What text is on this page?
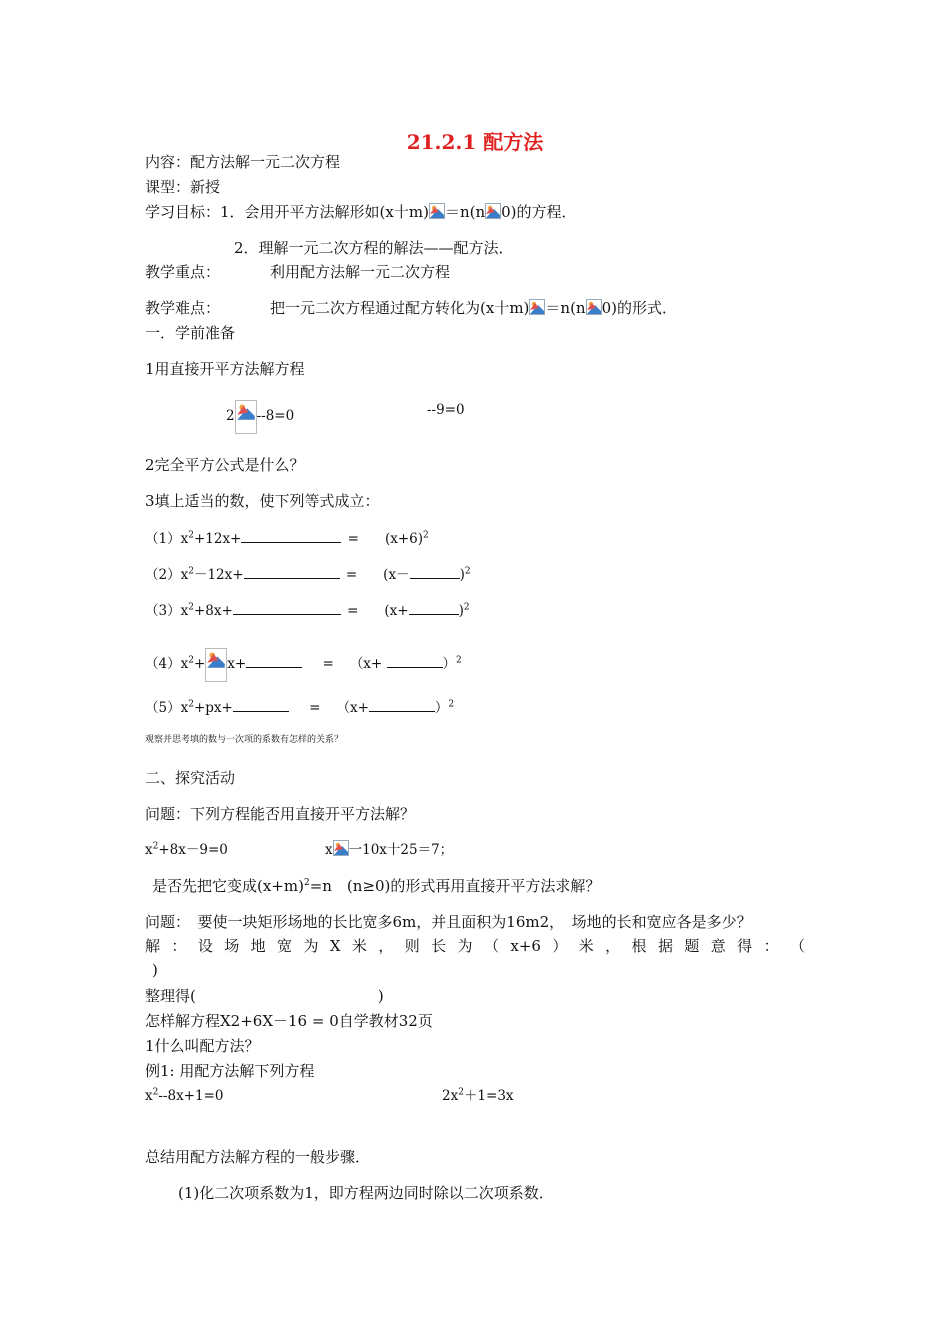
21.2.1 配方法
内容：配方法解一元二次方程
课型：新授
学习目标：1．会用开平方法解形如(x十m) ＝n(n 0)的方程．
2．理解一元二次方程的解法——配方法．
教学重点：	利用配方法解一元二次方程
教学难点：	把一元二次方程通过配方转化为(x十m) ＝n(n 0)的形式．
一．学前准备
1用直接开平方法解方程
2 --8=0	--9=0
2完全平方公式是什么？
3填上适当的数，使下列等式成立：
$(1)x^2+12x+$	= $(x+6)^2$
$(2)x^2-12x+$	= (x－	)$^2$
$(3)x^2+8x+$	= (x+	)$^2$
$(4)x^2+ x+$	= （x+	）$^2$
$(5)x^2+px+$	= （x+	）$^2$
观察并思考填的数与一次项的系数有怎样的关系？
二、探究活动
问题：下列方程能否用直接开平方法解？
$x^2+8x-9=0$	x 一10x十25＝7；
是否先把它变成$(x+m)^2=n$　(n≥0)的形式再用直接开平方法求解？
问题：　要使一块矩形场地的长比宽多6m，并且面积为16m2，　场地的长和宽应各是多少？
解 ： 设 场 地 宽 为 X 米 ， 则 长 为 （ x+6 ） 米 ， 根 据 题 意 得 ： （
)
整理得(	)
怎样解方程X2+6X－16 = 0自学教材32页
1什么叫配方法？
例1: 用配方法解下列方程
$x^2--8x+1=0$	$2x^2+1=3x$
总结用配方法解方程的一般步骤．
(1)化二次项系数为1，即方程两边同时除以二次项系数．
